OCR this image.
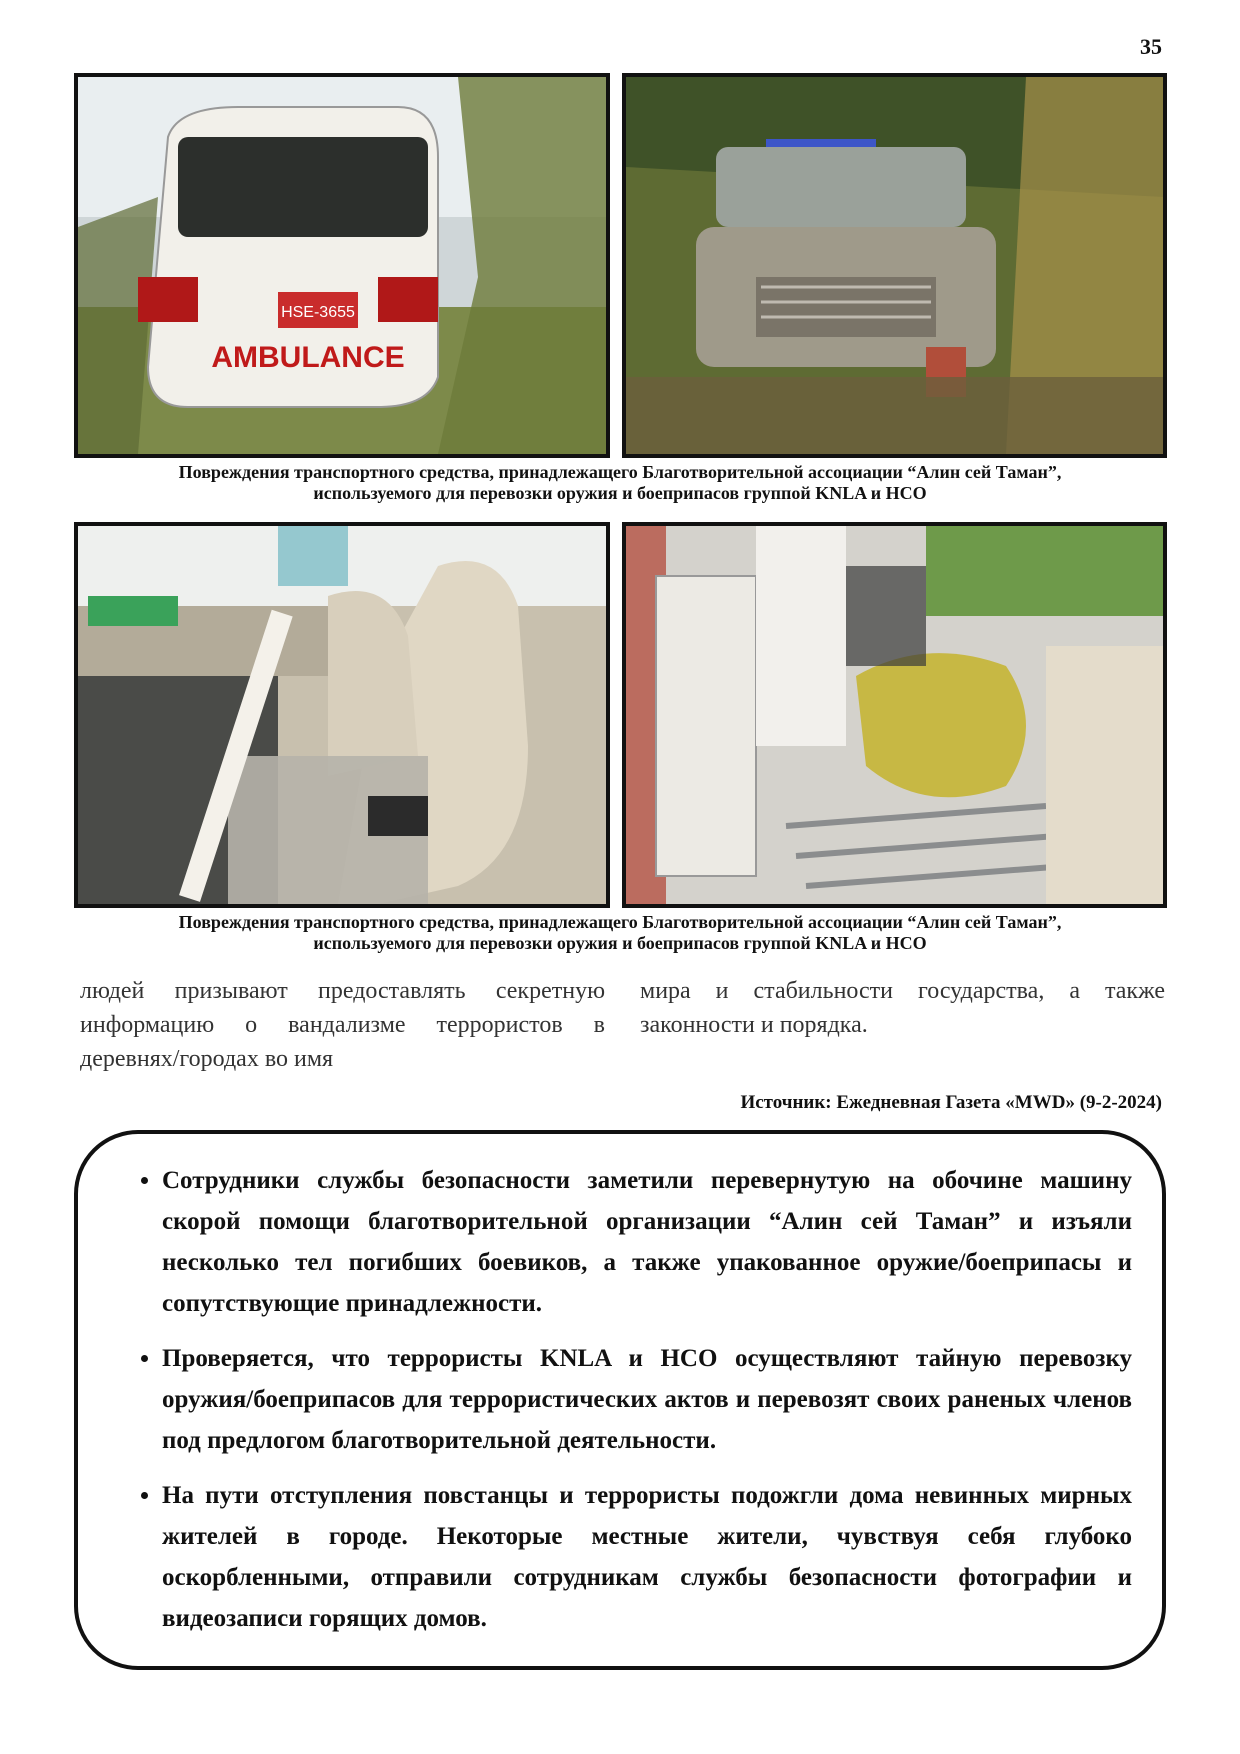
35
HSE-3655
AMBULANCE
Повреждения транспортного средства, принадлежащего Благотворительной ассоциации “Алин сей Таман”,
используемого для перевозки оружия и боеприпасов группой KNLA и НСО
Повреждения транспортного средства, принадлежащего Благотворительной ассоциации “Алин сей Таман”,
используемого для перевозки оружия и боеприпасов группой KNLA и НСО
людей призывают предоставлять секретную информацию о вандализме террористов в деревнях/городах во имя
мира и стабильности государства, а также законности и порядка.
Источник: Ежедневная Газета «MWD» (9-2-2024)
• Сотрудники службы безопасности заметили перевернутую на обочине машину скорой помощи благотворительной организации “Алин сей Таман” и изъяли несколько тел погибших боевиков, а также упакованное оружие/боеприпасы и сопутствующие принадлежности.
• Проверяется, что террористы KNLA и НСО осуществляют тайную перевозку оружия/боеприпасов для террористических актов и перевозят своих раненых членов под предлогом благотворительной деятельности.
• На пути отступления повстанцы и террористы подожгли дома невинных мирных жителей в городе. Некоторые местные жители, чувствуя себя глубоко оскорбленными, отправили сотрудникам службы безопасности фотографии и видеозаписи горящих домов.
